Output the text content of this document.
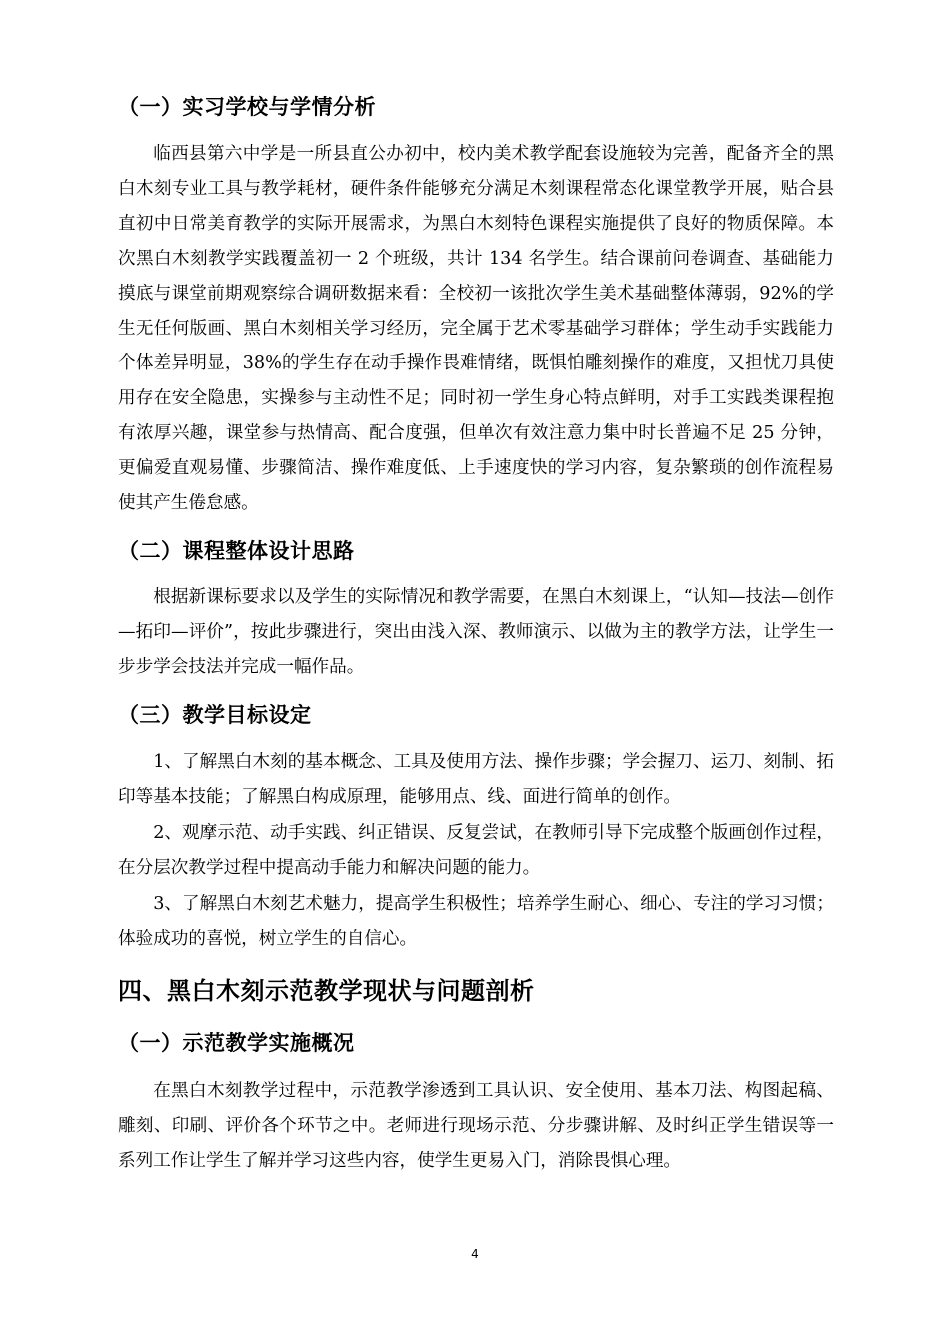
（一）实习学校与学情分析

临西县第六中学是一所县直公办初中，校内美术教学配套设施较为完善，配备齐全的黑白木刻专业工具与教学耗材，硬件条件能够充分满足木刻课程常态化课堂教学开展，贴合县直初中日常美育教学的实际开展需求，为黑白木刻特色课程实施提供了良好的物质保障。本次黑白木刻教学实践覆盖初一 2 个班级，共计 134 名学生。结合课前问卷调查、基础能力摸底与课堂前期观察综合调研数据来看：全校初一该批次学生美术基础整体薄弱，92%的学生无任何版画、黑白木刻相关学习经历，完全属于艺术零基础学习群体；学生动手实践能力个体差异明显，38%的学生存在动手操作畏难情绪，既惧怕雕刻操作的难度，又担忧刀具使用存在安全隐患，实操参与主动性不足；同时初一学生身心特点鲜明，对手工实践类课程抱有浓厚兴趣，课堂参与热情高、配合度强，但单次有效注意力集中时长普遍不足 25 分钟，更偏爱直观易懂、步骤简洁、操作难度低、上手速度快的学习内容，复杂繁琐的创作流程易使其产生倦怠感。

（二）课程整体设计思路

根据新课标要求以及学生的实际情况和教学需要，在黑白木刻课上，“认知—技法—创作—拓印—评价”，按此步骤进行，突出由浅入深、教师演示、以做为主的教学方法，让学生一步步学会技法并完成一幅作品。

（三）教学目标设定

1、了解黑白木刻的基本概念、工具及使用方法、操作步骤；学会握刀、运刀、刻制、拓印等基本技能；了解黑白构成原理，能够用点、线、面进行简单的创作。

2、观摩示范、动手实践、纠正错误、反复尝试，在教师引导下完成整个版画创作过程，在分层次教学过程中提高动手能力和解决问题的能力。

3、了解黑白木刻艺术魅力，提高学生积极性；培养学生耐心、细心、专注的学习习惯；体验成功的喜悦，树立学生的自信心。

四、黑白木刻示范教学现状与问题剖析
（一）示范教学实施概况

在黑白木刻教学过程中，示范教学渗透到工具认识、安全使用、基本刀法、构图起稿、雕刻、印刷、评价各个环节之中。老师进行现场示范、分步骤讲解、及时纠正学生错误等一系列工作让学生了解并学习这些内容，使学生更易入门，消除畏惧心理。

4
